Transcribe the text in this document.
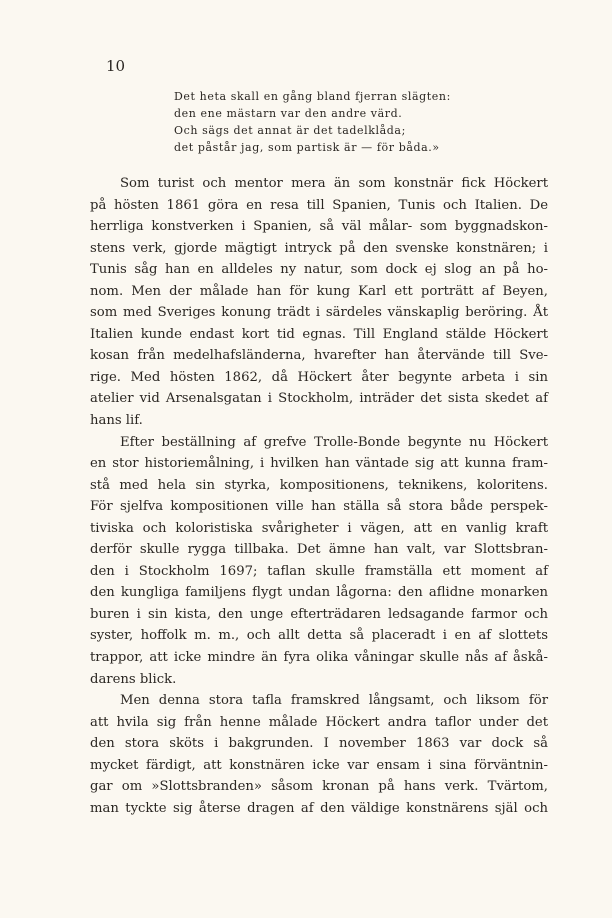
10
Det heta skall en gång bland fjerran slägten:
den ene mästarn var den andre värd.
Och sägs det annat är det tadelklåda;
det påstår jag, som partisk är — för båda.»
Som turist och mentor mera än som konstnär fick Höckert
på hösten 1861 göra en resa till Spanien, Tunis och Italien. De
herrliga konstverken i Spanien, så väl målar- som byggnadskon-
stens verk, gjorde mägtigt intryck på den svenske konstnären; i
Tunis såg han en alldeles ny natur, som dock ej slog an på ho-
nom. Men der målade han för kung Karl ett porträtt af Beyen,
som med Sveriges konung trädt i särdeles vänskaplig beröring. Åt
Italien kunde endast kort tid egnas. Till England stälde Höckert
kosan från medelhafsländerna, hvarefter han återvände till Sve-
rige. Med hösten 1862, då Höckert åter begynte arbeta i sin
atelier vid Arsenalsgatan i Stockholm, inträder det sista skedet af
hans lif.
Efter beställning af grefve Trolle-Bonde begynte nu Höckert
en stor historiemålning, i hvilken han väntade sig att kunna fram-
stå med hela sin styrka, kompositionens, teknikens, koloritens.
För sjelfva kompositionen ville han ställa så stora både perspek-
tiviska och koloristiska svårigheter i vägen, att en vanlig kraft
derför skulle rygga tillbaka. Det ämne han valt, var Slottsbran-
den i Stockholm 1697; taflan skulle framställa ett moment af
den kungliga familjens flygt undan lågorna: den aflidne monarken
buren i sin kista, den unge efterträdaren ledsagande farmor och
syster, hoffolk m. m., och allt detta så placeradt i en af slottets
trappor, att icke mindre än fyra olika våningar skulle nås af åskå-
darens blick.
Men denna stora tafla framskred långsamt, och liksom för
att hvila sig från henne målade Höckert andra taflor under det
den stora sköts i bakgrunden. I november 1863 var dock så
mycket färdigt, att konstnären icke var ensam i sina förväntnin-
gar om »Slottsbranden» såsom kronan på hans verk. Tvärtom,
man tyckte sig återse dragen af den väldige konstnärens själ och
